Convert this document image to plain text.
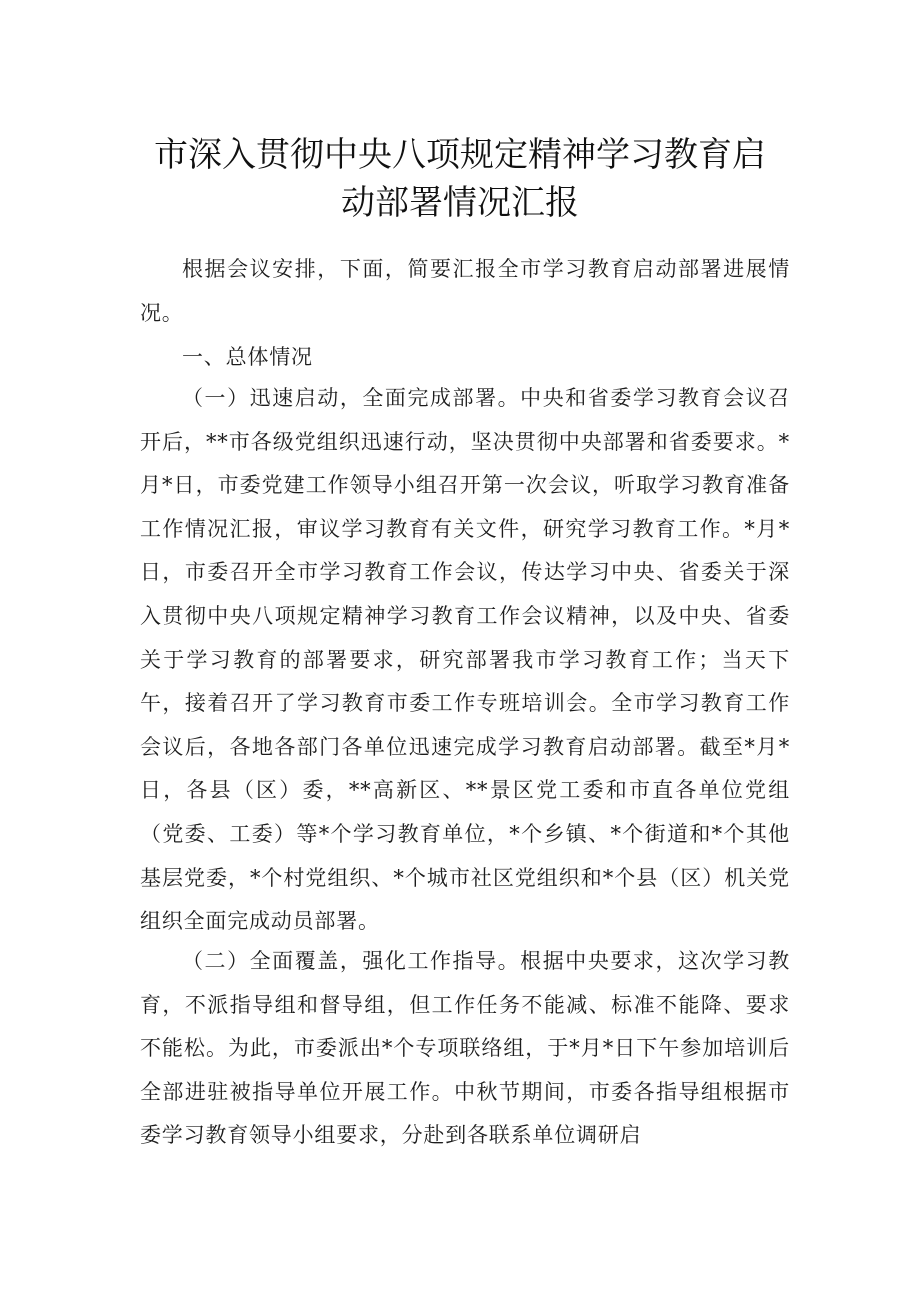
市深入贯彻中央八项规定精神学习教育启
动部署情况汇报

根据会议安排，下面，简要汇报全市学习教育启动部署进展情况。

一、总体情况

（一）迅速启动，全面完成部署。中央和省委学习教育会议召开后，**市各级党组织迅速行动，坚决贯彻中央部署和省委要求。*月*日，市委党建工作领导小组召开第一次会议，听取学习教育准备工作情况汇报，审议学习教育有关文件，研究学习教育工作。*月*日，市委召开全市学习教育工作会议，传达学习中央、省委关于深入贯彻中央八项规定精神学习教育工作会议精神，以及中央、省委关于学习教育的部署要求，研究部署我市学习教育工作；当天下午，接着召开了学习教育市委工作专班培训会。全市学习教育工作会议后，各地各部门各单位迅速完成学习教育启动部署。截至*月*日，各县（区）委，**高新区、**景区党工委和市直各单位党组（党委、工委）等*个学习教育单位，*个乡镇、*个街道和*个其他基层党委，*个村党组织、*个城市社区党组织和*个县（区）机关党组织全面完成动员部署。

（二）全面覆盖，强化工作指导。根据中央要求，这次学习教育，不派指导组和督导组，但工作任务不能减、标准不能降、要求不能松。为此，市委派出*个专项联络组，于*月*日下午参加培训后全部进驻被指导单位开展工作。中秋节期间，市委各指导组根据市委学习教育领导小组要求，分赴到各联系单位调研启
